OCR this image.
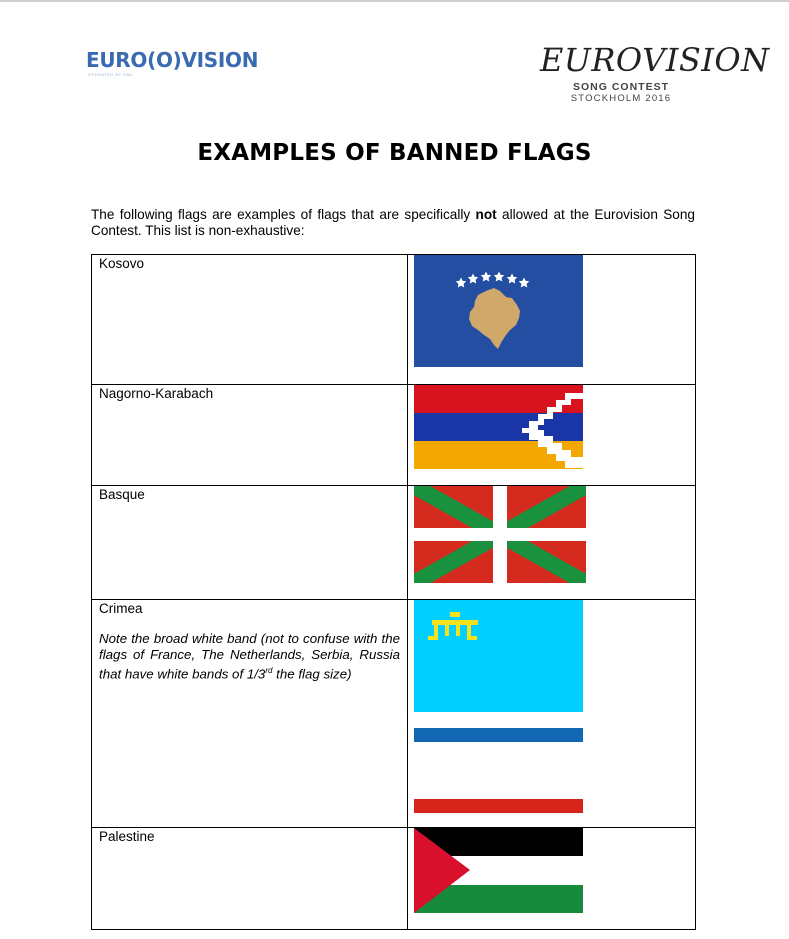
EURO(O)VISION
OPERATED BY EBU	EUROVISION
SONG CONTEST
STOCKHOLM 2016
EXAMPLES OF BANNED FLAGS
The following flags are examples of flags that are specifically not allowed at the Eurovision Song Contest. This list is non-exhaustive:
Kosovo

Nagorno-Karabach

Basque

Crimea
Note the broad white band (not to confuse with the flags of France, The Netherlands, Serbia, Russia that have white bands of 1/3rd the flag size)

Palestine
